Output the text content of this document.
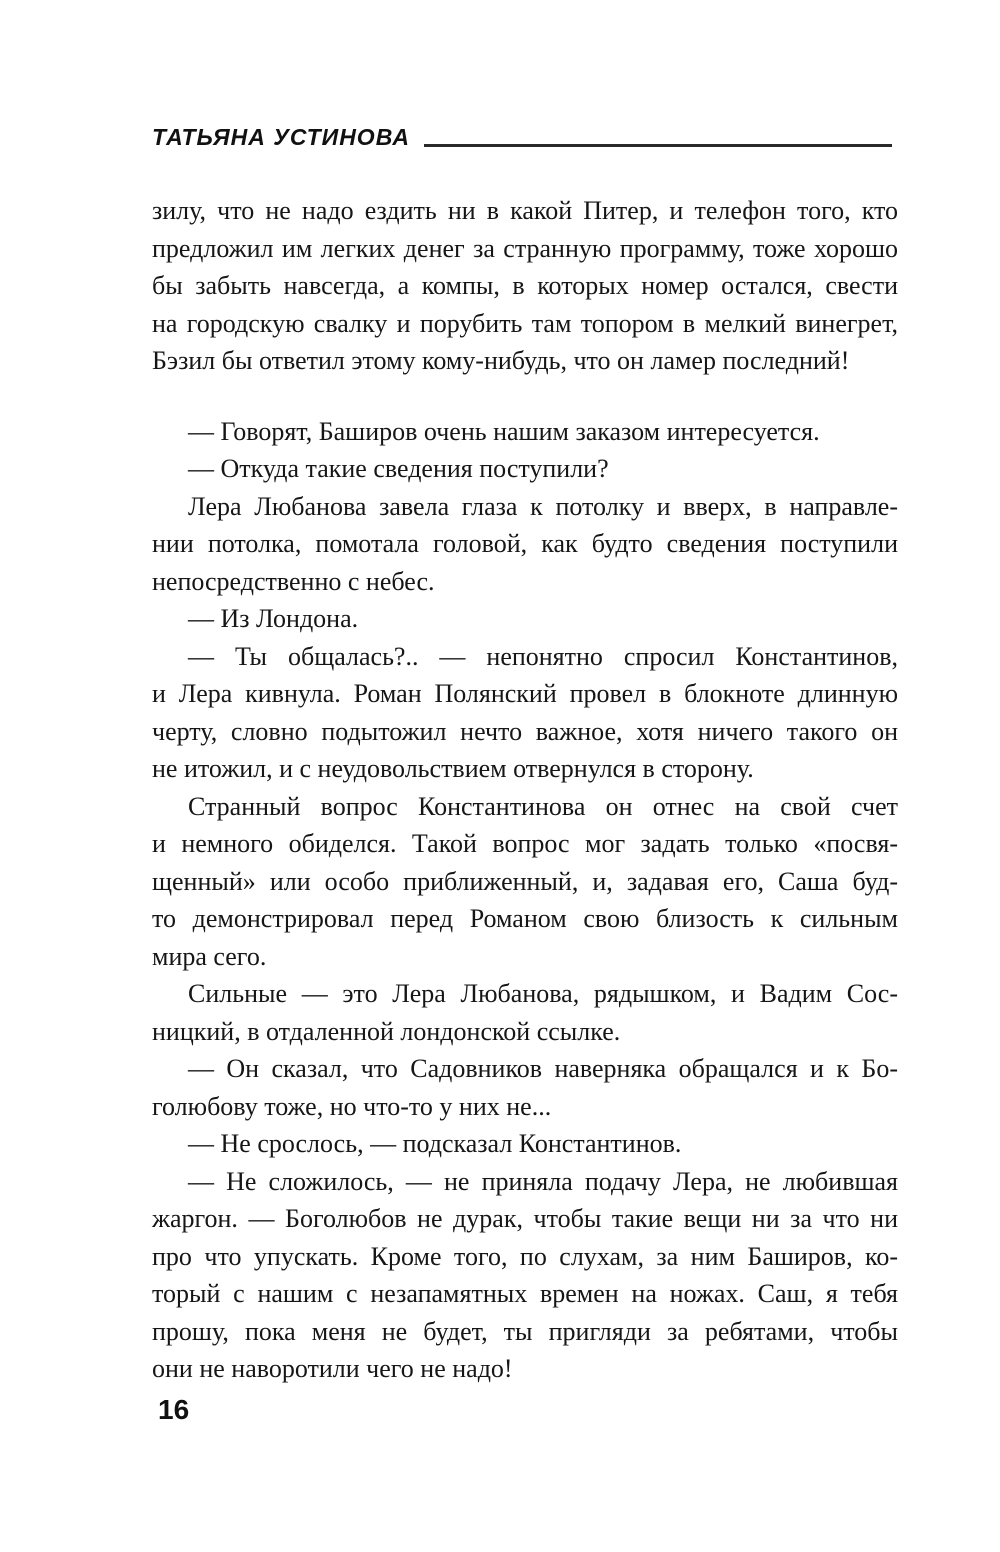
ТАТЬЯНА УСТИНОВА
зилу, что не надо ездить ни в какой Питер, и телефон того, кто
предложил им легких денег за странную программу, тоже хорошо
бы забыть навсегда, а компы, в которых номер остался, свести
на городскую свалку и порубить там топором в мелкий винегрет,
Бэзил бы ответил этому кому-нибудь, что он ламер последний!
— Говорят, Баширов очень нашим заказом интересуется.
— Откуда такие сведения поступили?
Лера Любанова завела глаза к потолку и вверх, в направле-
нии потолка, помотала головой, как будто сведения поступили
непосредственно с небес.
— Из Лондона.
— Ты общалась?.. — непонятно спросил Константинов,
и Лера кивнула. Роман Полянский провел в блокноте длинную
черту, словно подытожил нечто важное, хотя ничего такого он
не итожил, и с неудовольствием отвернулся в сторону.
Странный вопрос Константинова он отнес на свой счет
и немного обиделся. Такой вопрос мог задать только «посвя-
щенный» или особо приближенный, и, задавая его, Саша буд-
то демонстрировал перед Романом свою близость к сильным
мира сего.
Сильные — это Лера Любанова, рядышком, и Вадим Сос-
ницкий, в отдаленной лондонской ссылке.
— Он сказал, что Садовников наверняка обращался и к Бо-
голюбову тоже, но что-то у них не...
— Не срослось, — подсказал Константинов.
— Не сложилось, — не приняла подачу Лера, не любившая
жаргон. — Боголюбов не дурак, чтобы такие вещи ни за что ни
про что упускать. Кроме того, по слухам, за ним Баширов, ко-
торый с нашим с незапамятных времен на ножах. Саш, я тебя
прошу, пока меня не будет, ты пригляди за ребятами, чтобы
они не наворотили чего не надо!
16
